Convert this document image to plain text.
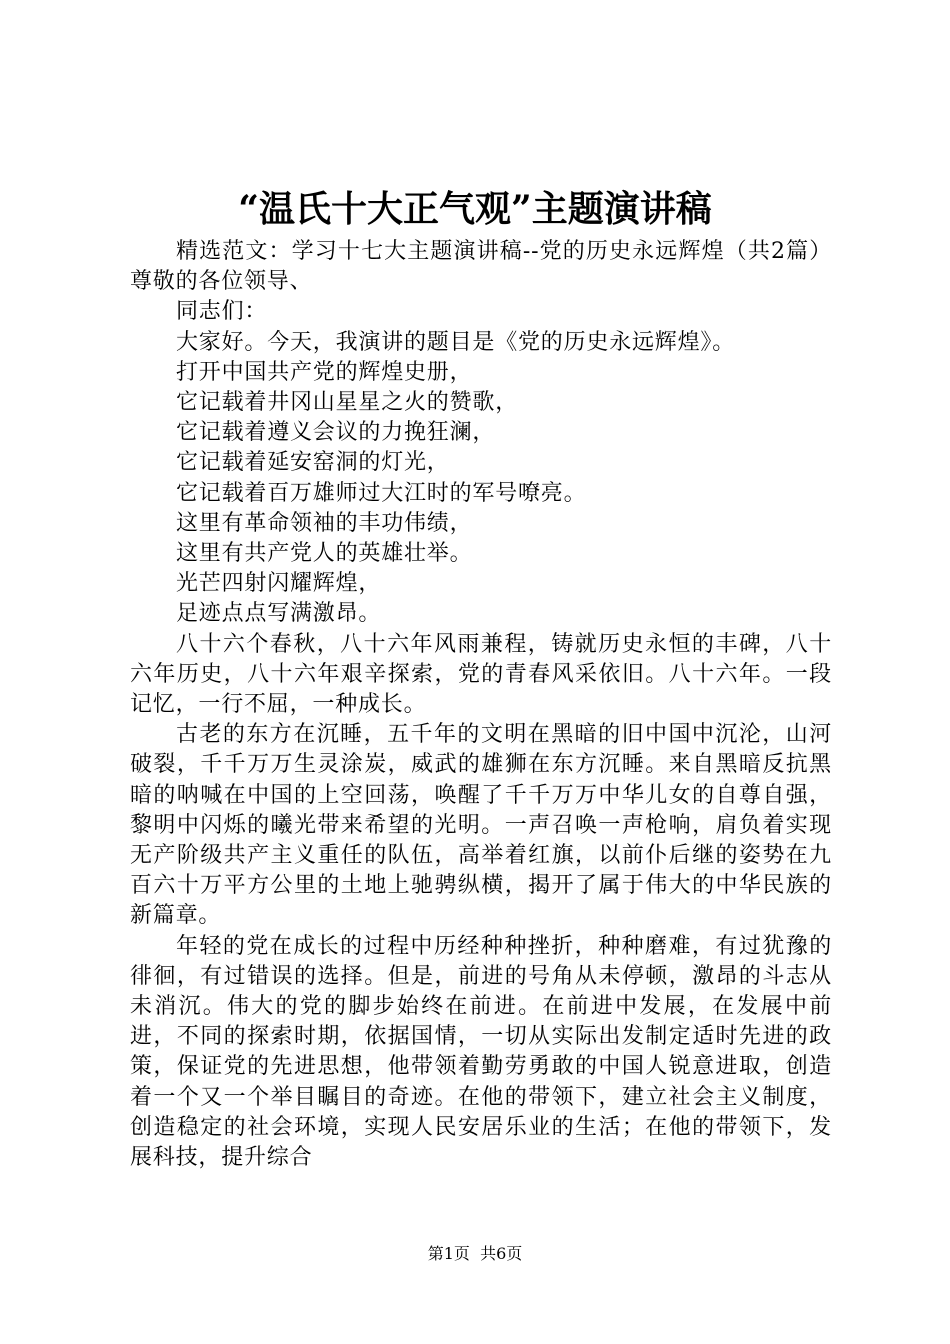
“温氏十大正气观”主题演讲稿

精选范文：学习十七大主题演讲稿--党的历史永远辉煌（共2篇）尊敬的各位领导、

同志们：

大家好。今天，我演讲的题目是《党的历史永远辉煌》。

打开中国共产党的辉煌史册，

它记载着井冈山星星之火的赞歌，

它记载着遵义会议的力挽狂澜，

它记载着延安窑洞的灯光，

它记载着百万雄师过大江时的军号嘹亮。

这里有革命领袖的丰功伟绩，

这里有共产党人的英雄壮举。

光芒四射闪耀辉煌，

足迹点点写满激昂。

八十六个春秋，八十六年风雨兼程，铸就历史永恒的丰碑，八十六年历史，八十六年艰辛探索，党的青春风采依旧。八十六年。一段记忆，一行不屈，一种成长。

古老的东方在沉睡，五千年的文明在黑暗的旧中国中沉沦，山河破裂，千千万万生灵涂炭，威武的雄狮在东方沉睡。来自黑暗反抗黑暗的呐喊在中国的上空回荡，唤醒了千千万万中华儿女的自尊自强，黎明中闪烁的曦光带来希望的光明。一声召唤一声枪响，肩负着实现无产阶级共产主义重任的队伍，高举着红旗，以前仆后继的姿势在九百六十万平方公里的土地上驰骋纵横，揭开了属于伟大的中华民族的新篇章。

年轻的党在成长的过程中历经种种挫折，种种磨难，有过犹豫的徘徊，有过错误的选择。但是，前进的号角从未停顿，激昂的斗志从未消沉。伟大的党的脚步始终在前进。在前进中发展，在发展中前进，不同的探索时期，依据国情，一切从实际出发制定适时先进的政策，保证党的先进思想，他带领着勤劳勇敢的中国人锐意进取，创造着一个又一个举目瞩目的奇迹。在他的带领下，建立社会主义制度，创造稳定的社会环境，实现人民安居乐业的生活；在他的带领下，发展科技，提升综合

第1页  共6页
